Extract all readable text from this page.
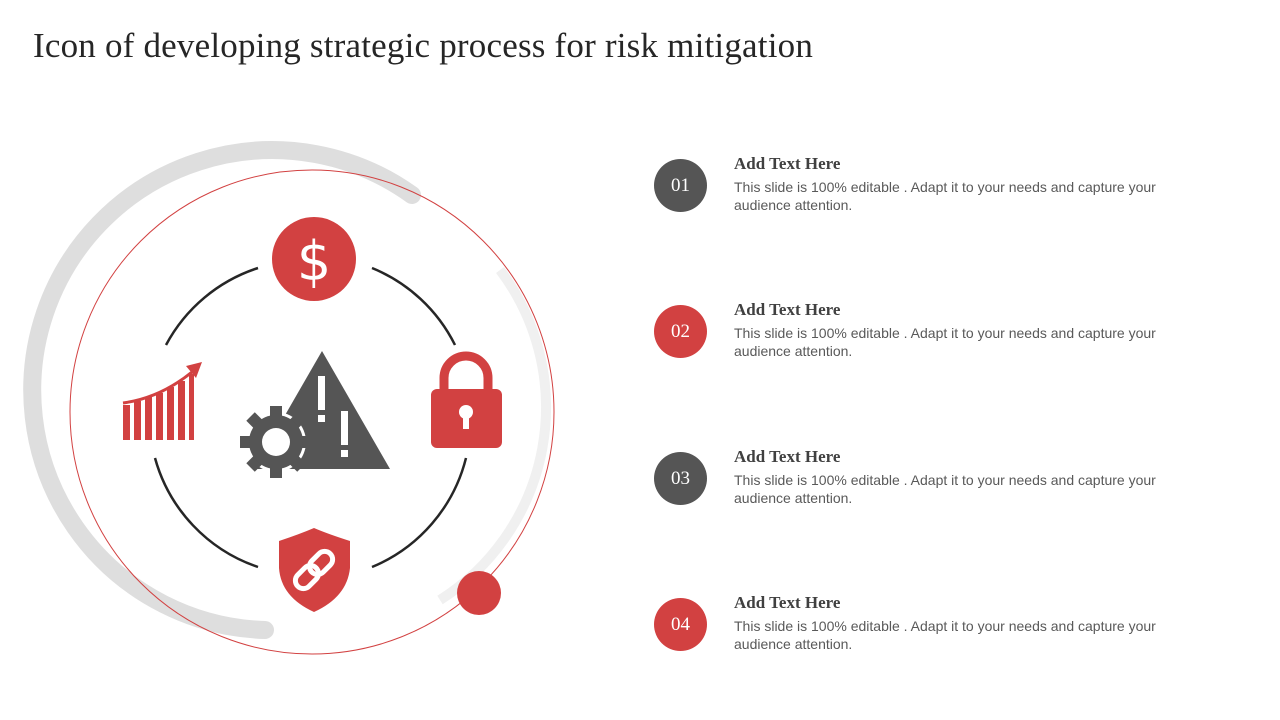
Icon of developing strategic process for risk mitigation
$
01
Add Text Here
This slide is 100% editable . Adapt it to your needs and capture your audience attention.
02
Add Text Here
This slide is 100% editable . Adapt it to your needs and capture your audience attention.
03
Add Text Here
This slide is 100% editable . Adapt it to your needs and capture your audience attention.
04
Add Text Here
This slide is 100% editable . Adapt it to your needs and capture your audience attention.
